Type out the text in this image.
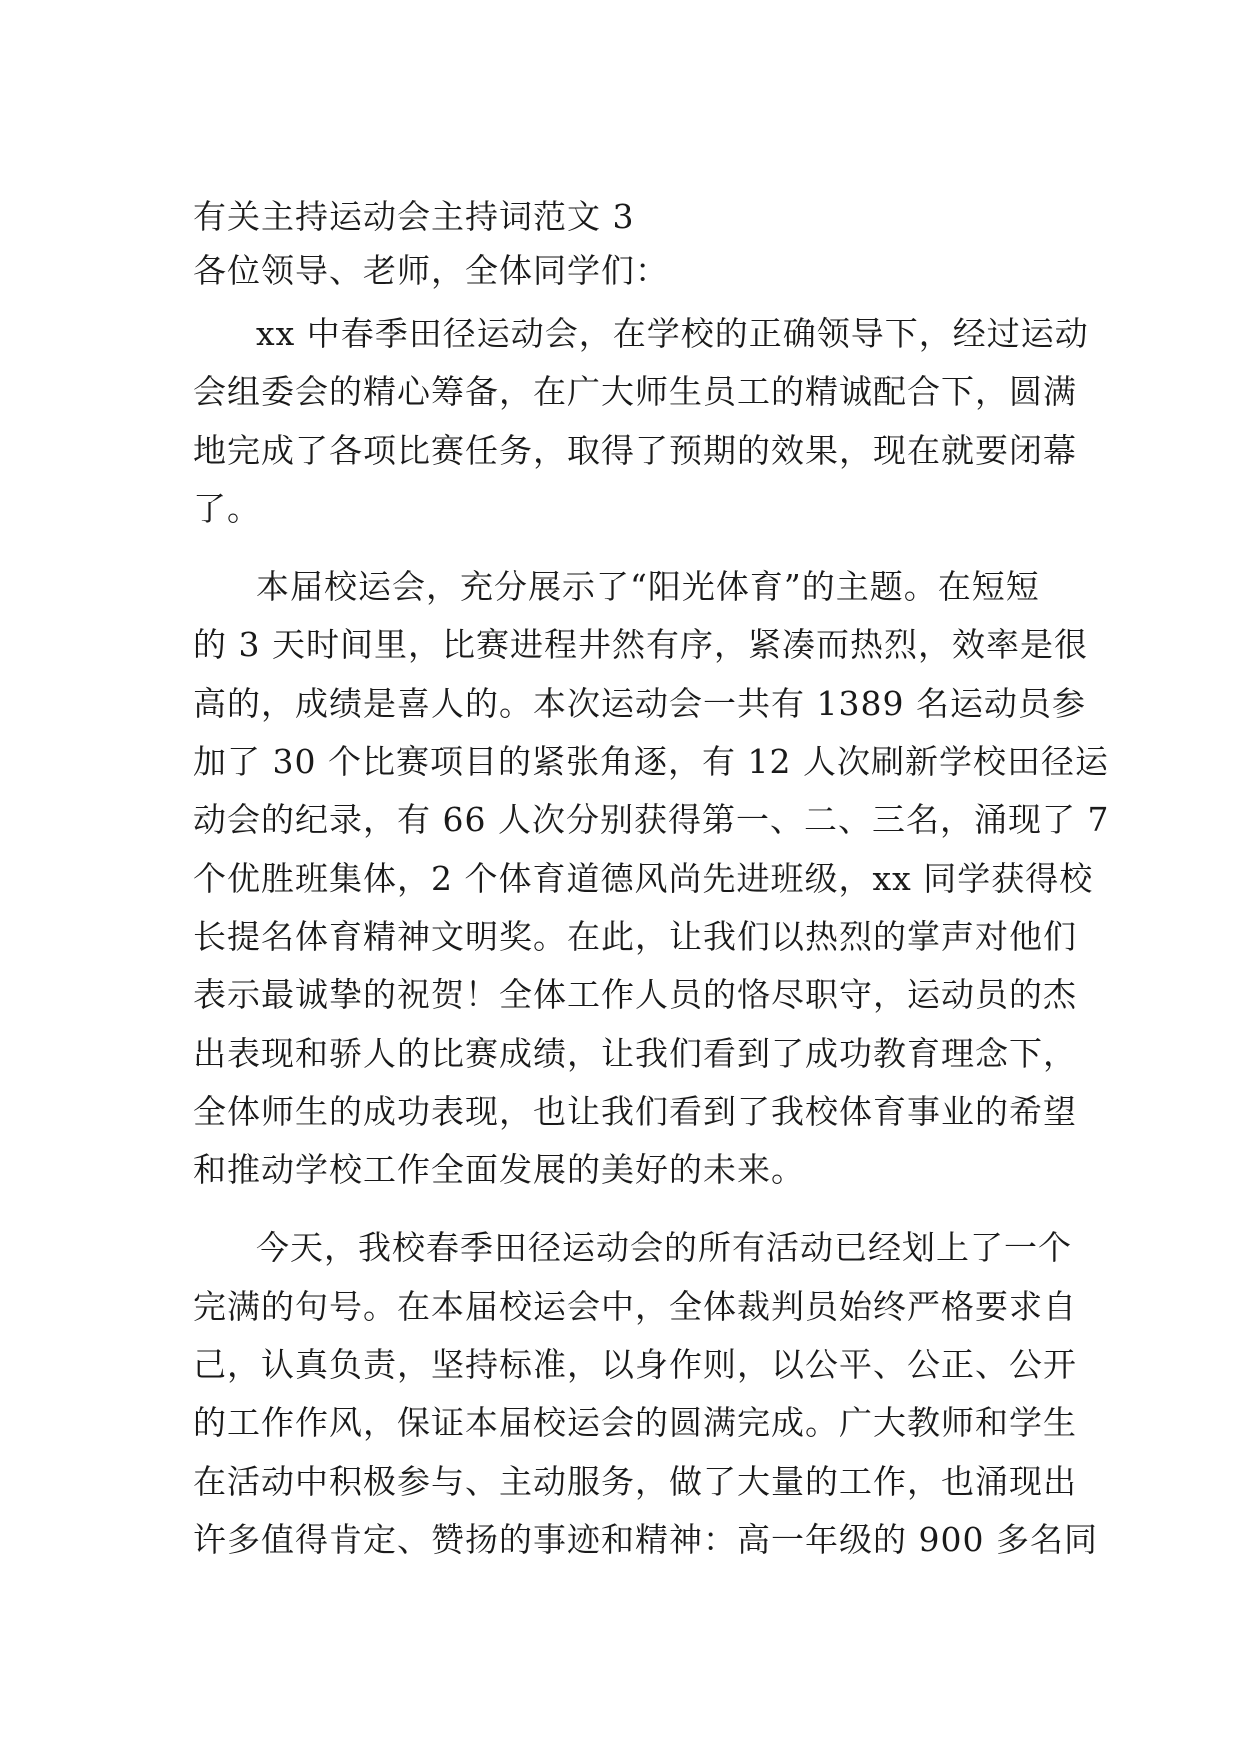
有关主持运动会主持词范文 3

各位领导、老师，全体同学们：

xx 中春季田径运动会，在学校的正确领导下，经过运动
会组委会的精心筹备，在广大师生员工的精诚配合下，圆满
地完成了各项比赛任务，取得了预期的效果，现在就要闭幕
了。

本届校运会，充分展示了“阳光体育”的主题。在短短
的 3 天时间里，比赛进程井然有序，紧凑而热烈，效率是很
高的，成绩是喜人的。本次运动会一共有 1389 名运动员参
加了 30 个比赛项目的紧张角逐，有 12 人次刷新学校田径运
动会的纪录，有 66 人次分别获得第一、二、三名，涌现了 7
个优胜班集体，2 个体育道德风尚先进班级，xx 同学获得校
长提名体育精神文明奖。在此，让我们以热烈的掌声对他们
表示最诚挚的祝贺！全体工作人员的恪尽职守，运动员的杰
出表现和骄人的比赛成绩，让我们看到了成功教育理念下，
全体师生的成功表现，也让我们看到了我校体育事业的希望
和推动学校工作全面发展的美好的未来。

今天，我校春季田径运动会的所有活动已经划上了一个
完满的句号。在本届校运会中，全体裁判员始终严格要求自
己，认真负责，坚持标准，以身作则，以公平、公正、公开
的工作作风，保证本届校运会的圆满完成。广大教师和学生
在活动中积极参与、主动服务，做了大量的工作，也涌现出
许多值得肯定、赞扬的事迹和精神：高一年级的 900 多名同
